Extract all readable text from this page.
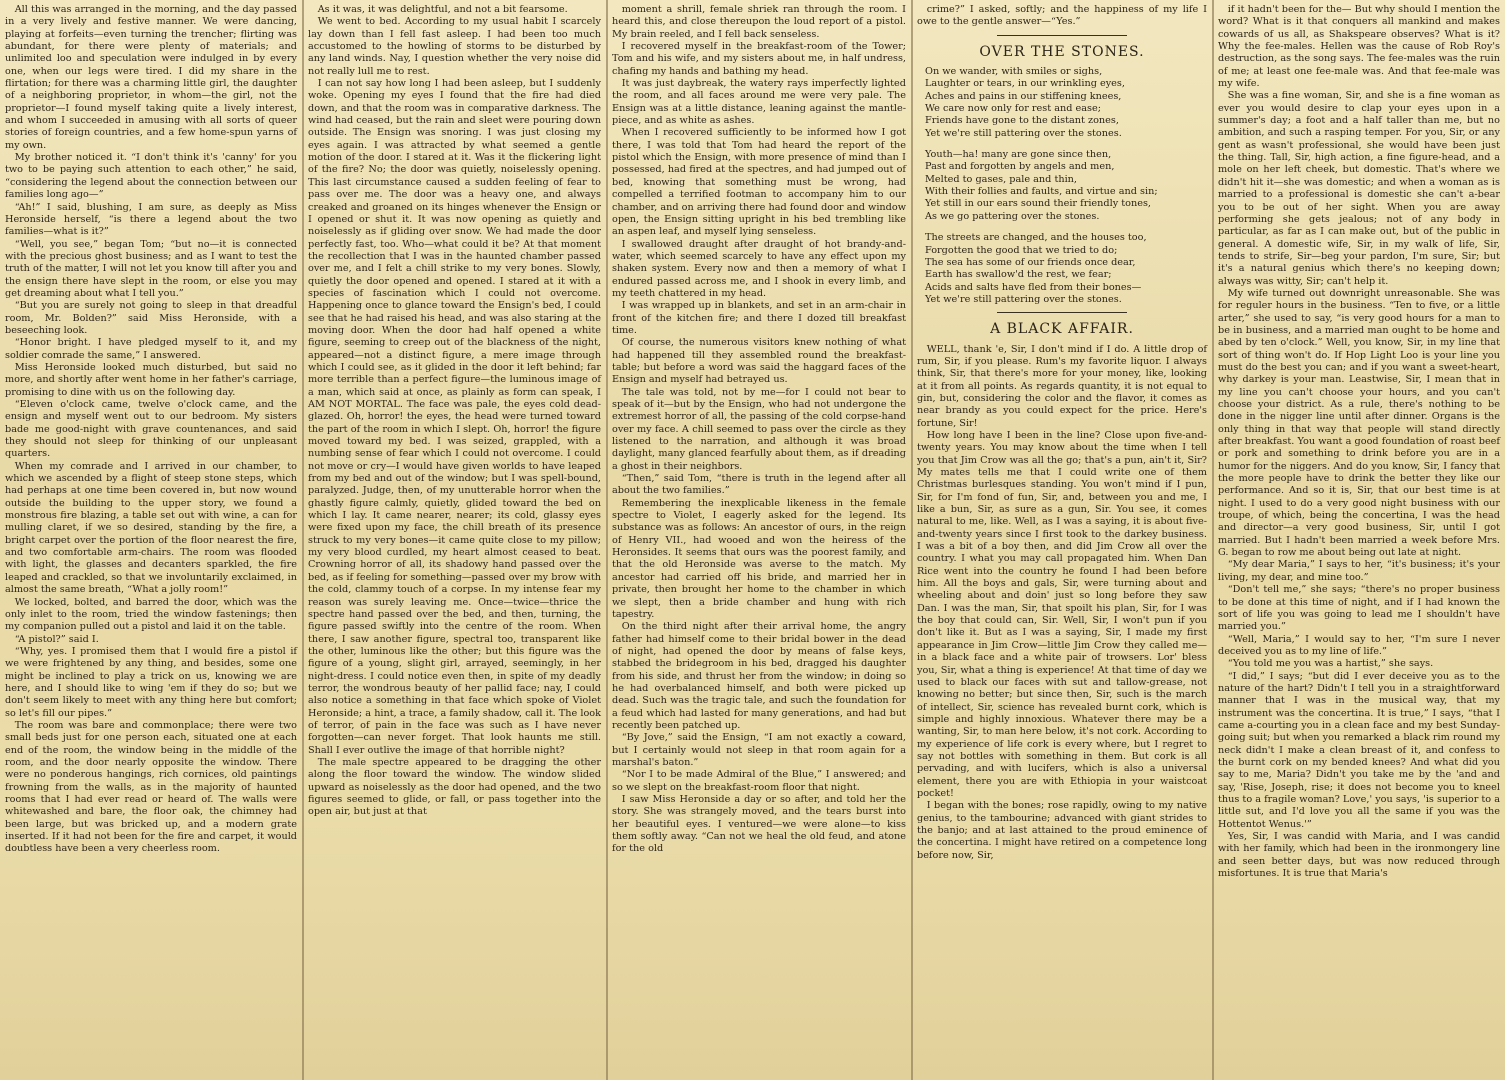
All this was arranged in the morning, and the day passed in a very lively and festive manner. We were dancing, playing at forfeits—even turning the trencher; flirting was abundant, for there were plenty of materials; and unlimited loo and speculation were indulged in by every one, when our legs were tired. I did my share in the flirtation; for there was a charming little girl, the daughter of a neighboring proprietor, in whom—the girl, not the proprietor—I found myself taking quite a lively interest, and whom I succeeded in amusing with all sorts of queer stories of foreign countries, and a few home-spun yarns of my own.

My brother noticed it. “I don't think it's 'canny' for you two to be paying such attention to each other,” he said, “considering the legend about the connection between our families long ago—”

“Ah!” I said, blushing, I am sure, as deeply as Miss Heronside herself, “is there a legend about the two families—what is it?”

“Well, you see,” began Tom; “but no—it is connected with the precious ghost business; and as I want to test the truth of the matter, I will not let you know till after you and the ensign there have slept in the room, or else you may get dreaming about what I tell you.”

“But you are surely not going to sleep in that dreadful room, Mr. Bolden?” said Miss Heronside, with a beseeching look.

“Honor bright. I have pledged myself to it, and my soldier comrade the same,” I answered.

Miss Heronside looked much disturbed, but said no more, and shortly after went home in her father's carriage, promising to dine with us on the following day.

“Eleven o'clock came, twelve o'clock came, and the ensign and myself went out to our bedroom. My sisters bade me good-night with grave countenances, and said they should not sleep for thinking of our unpleasant quarters.

When my comrade and I arrived in our chamber, to which we ascended by a flight of steep stone steps, which had perhaps at one time been covered in, but now wound outside the building to the upper story, we found a monstrous fire blazing, a table set out with wine, a can for mulling claret, if we so desired, standing by the fire, a bright carpet over the portion of the floor nearest the fire, and two comfortable arm-chairs. The room was flooded with light, the glasses and decanters sparkled, the fire leaped and crackled, so that we involuntarily exclaimed, in almost the same breath, “What a jolly room!”

We locked, bolted, and barred the door, which was the only inlet to the room, tried the window fastenings; then my companion pulled out a pistol and laid it on the table.

“A pistol?” said I.

“Why, yes. I promised them that I would fire a pistol if we were frightened by any thing, and besides, some one might be inclined to play a trick on us, knowing we are here, and I should like to wing 'em if they do so; but we don't seem likely to meet with any thing here but comfort; so let's fill our pipes.”

The room was bare and commonplace; there were two small beds just for one person each, situated one at each end of the room, the window being in the middle of the room, and the door nearly opposite the window. There were no ponderous hangings, rich cornices, old paintings frowning from the walls, as in the majority of haunted rooms that I had ever read or heard of. The walls were whitewashed and bare, the floor oak, the chimney had been large, but was bricked up, and a modern grate inserted. If it had not been for the fire and carpet, it would doubtless have been a very cheerless room.

As it was, it was delightful, and not a bit fearsome.

We went to bed. According to my usual habit I scarcely lay down than I fell fast asleep. I had been too much accustomed to the howling of storms to be disturbed by any land winds. Nay, I question whether the very noise did not really lull me to rest.

I can not say how long I had been asleep, but I suddenly woke. Opening my eyes I found that the fire had died down, and that the room was in comparative darkness. The wind had ceased, but the rain and sleet were pouring down outside. The Ensign was snoring. I was just closing my eyes again. I was attracted by what seemed a gentle motion of the door. I stared at it. Was it the flickering light of the fire? No; the door was quietly, noiselessly opening. This last circumstance caused a sudden feeling of fear to pass over me. The door was a heavy one, and always creaked and groaned on its hinges whenever the Ensign or I opened or shut it. It was now opening as quietly and noiselessly as if gliding over snow. We had made the door perfectly fast, too. Who—what could it be? At that moment the recollection that I was in the haunted chamber passed over me, and I felt a chill strike to my very bones. Slowly, quietly the door opened and opened. I stared at it with a species of fascination which I could not overcome. Happening once to glance toward the Ensign's bed, I could see that he had raised his head, and was also staring at the moving door. When the door had half opened a white figure, seeming to creep out of the blackness of the night, appeared—not a distinct figure, a mere image through which I could see, as it glided in the door it left behind; far more terrible than a perfect figure—the luminous image of a man, which said at once, as plainly as form can speak, I AM NOT MORTAL. The face was pale, the eyes cold dead-glazed. Oh, horror! the eyes, the head were turned toward the part of the room in which I slept. Oh, horror! the figure moved toward my bed. I was seized, grappled, with a numbing sense of fear which I could not overcome. I could not move or cry—I would have given worlds to have leaped from my bed and out of the window; but I was spell-bound, paralyzed. Judge, then, of my unutterable horror when the ghastly figure calmly, quietly, glided toward the bed on which I lay. It came nearer, nearer; its cold, glassy eyes were fixed upon my face, the chill breath of its presence struck to my very bones—it came quite close to my pillow; my very blood curdled, my heart almost ceased to beat. Crowning horror of all, its shadowy hand passed over the bed, as if feeling for something—passed over my brow with the cold, clammy touch of a corpse. In my intense fear my reason was surely leaving me. Once—twice—thrice the spectre hand passed over the bed, and then, turning, the figure passed swiftly into the centre of the room. When there, I saw another figure, spectral too, transparent like the other, luminous like the other; but this figure was the figure of a young, slight girl, arrayed, seemingly, in her night-dress. I could notice even then, in spite of my deadly terror, the wondrous beauty of her pallid face; nay, I could also notice a something in that face which spoke of Violet Heronside; a hint, a trace, a family shadow, call it. The look of terror, of pain in the face was such as I have never forgotten—can never forget. That look haunts me still. Shall I ever outlive the image of that horrible night?

The male spectre appeared to be dragging the other along the floor toward the window. The window slided upward as noiselessly as the door had opened, and the two figures seemed to glide, or fall, or pass together into the open air, but just at that

moment a shrill, female shriek ran through the room. I heard this, and close thereupon the loud report of a pistol. My brain reeled, and I fell back senseless.

I recovered myself in the breakfast-room of the Tower; Tom and his wife, and my sisters about me, in half undress, chafing my hands and bathing my head.

It was just daybreak, the watery rays imperfectly lighted the room, and all faces around me were very pale. The Ensign was at a little distance, leaning against the mantle-piece, and as white as ashes.

When I recovered sufficiently to be informed how I got there, I was told that Tom had heard the report of the pistol which the Ensign, with more presence of mind than I possessed, had fired at the spectres, and had jumped out of bed, knowing that something must be wrong, had compelled a terrified footman to accompany him to our chamber, and on arriving there had found door and window open, the Ensign sitting upright in his bed trembling like an aspen leaf, and myself lying senseless.

I swallowed draught after draught of hot brandy-and-water, which seemed scarcely to have any effect upon my shaken system. Every now and then a memory of what I endured passed across me, and I shook in every limb, and my teeth chattered in my head.

I was wrapped up in blankets, and set in an arm-chair in front of the kitchen fire; and there I dozed till breakfast time.

Of course, the numerous visitors knew nothing of what had happened till they assembled round the breakfast-table; but before a word was said the haggard faces of the Ensign and myself had betrayed us.

The tale was told, not by me—for I could not bear to speak of it—but by the Ensign, who had not undergone the extremest horror of all, the passing of the cold corpse-hand over my face. A chill seemed to pass over the circle as they listened to the narration, and although it was broad daylight, many glanced fearfully about them, as if dreading a ghost in their neighbors.

“Then,” said Tom, “there is truth in the legend after all about the two families.”

Remembering the inexplicable likeness in the female spectre to Violet, I eagerly asked for the legend. Its substance was as follows: An ancestor of ours, in the reign of Henry VII., had wooed and won the heiress of the Heronsides. It seems that ours was the poorest family, and that the old Heronside was averse to the match. My ancestor had carried off his bride, and married her in private, then brought her home to the chamber in which we slept, then a bride chamber and hung with rich tapestry.

On the third night after their arrival home, the angry father had himself come to their bridal bower in the dead of night, had opened the door by means of false keys, stabbed the bridegroom in his bed, dragged his daughter from his side, and thrust her from the window; in doing so he had overbalanced himself, and both were picked up dead. Such was the tragic tale, and such the foundation for a feud which had lasted for many generations, and had but recently been patched up.

“By Jove,” said the Ensign, “I am not exactly a coward, but I certainly would not sleep in that room again for a marshal's baton.”

“Nor I to be made Admiral of the Blue,” I answered; and so we slept on the breakfast-room floor that night.

I saw Miss Heronside a day or so after, and told her the story. She was strangely moved, and the tears burst into her beautiful eyes. I ventured—we were alone—to kiss them softly away. “Can not we heal the old feud, and atone for the old

crime?” I asked, softly; and the happiness of my life I owe to the gentle answer—“Yes.”

OVER THE STONES.

On we wander, with smiles or sighs,
Laughter or tears, in our wrinkling eyes,
Aches and pains in our stiffening knees,
We care now only for rest and ease;
Friends have gone to the distant zones,
Yet we're still pattering over the stones.
Youth—ha! many are gone since then,
Past and forgotten by angels and men,
Melted to gases, pale and thin,
With their follies and faults, and virtue and sin;
Yet still in our ears sound their friendly tones,
As we go pattering over the stones.
The streets are changed, and the houses too,
Forgotten the good that we tried to do;
The sea has some of our friends once dear,
Earth has swallow'd the rest, we fear;
Acids and salts have fled from their bones—
Yet we're still pattering over the stones.

A BLACK AFFAIR.

WELL, thank 'e, Sir, I don't mind if I do. A little drop of rum, Sir, if you please. Rum's my favorite liquor. I always think, Sir, that there's more for your money, like, looking at it from all points. As regards quantity, it is not equal to gin, but, considering the color and the flavor, it comes as near brandy as you could expect for the price. Here's fortune, Sir!

How long have I been in the line? Close upon five-and-twenty years. You may know about the time when I tell you that Jim Crow was all the go; that's a pun, ain't it, Sir? My mates tells me that I could write one of them Christmas burlesques standing. You won't mind if I pun, Sir, for I'm fond of fun, Sir, and, between you and me, I like a bun, Sir, as sure as a gun, Sir. You see, it comes natural to me, like. Well, as I was a saying, it is about five-and-twenty years since I first took to the darkey business. I was a bit of a boy then, and did Jim Crow all over the country. I what you may call propagated him. When Dan Rice went into the country he found I had been before him. All the boys and gals, Sir, were turning about and wheeling about and doin' just so long before they saw Dan. I was the man, Sir, that spoilt his plan, Sir, for I was the boy that could can, Sir. Well, Sir, I won't pun if you don't like it. But as I was a saying, Sir, I made my first appearance in Jim Crow—little Jim Crow they called me—in a black face and a white pair of trowsers. Lor' bless you, Sir, what a thing is experience! At that time of day we used to black our faces with sut and tallow-grease, not knowing no better; but since then, Sir, such is the march of intellect, Sir, science has revealed burnt cork, which is simple and highly innoxious. Whatever there may be a wanting, Sir, to man here below, it's not cork. According to my experience of life cork is every where, but I regret to say not bottles with something in them. But cork is all pervading, and with lucifers, which is also a universal element, there you are with Ethiopia in your waistcoat pocket!

I began with the bones; rose rapidly, owing to my native genius, to the tambourine; advanced with giant strides to the banjo; and at last attained to the proud eminence of the concertina. I might have retired on a competence long before now, Sir,

if it hadn't been for the— But why should I mention the word? What is it that conquers all mankind and makes cowards of us all, as Shakspeare observes? What is it? Why the fee-males. Hellen was the cause of Rob Roy's destruction, as the song says. The fee-males was the ruin of me; at least one fee-male was. And that fee-male was my wife.

She was a fine woman, Sir, and she is a fine woman as ever you would desire to clap your eyes upon in a summer's day; a foot and a half taller than me, but no ambition, and such a rasping temper. For you, Sir, or any gent as wasn't professional, she would have been just the thing. Tall, Sir, high action, a fine figure-head, and a mole on her left cheek, but domestic. That's where we didn't hit it—she was domestic; and when a woman as is married to a professional is domestic she can't a-bear you to be out of her sight. When you are away performing she gets jealous; not of any body in particular, as far as I can make out, but of the public in general. A domestic wife, Sir, in my walk of life, Sir, tends to strife, Sir—beg your pardon, I'm sure, Sir; but it's a natural genius which there's no keeping down; always was witty, Sir; can't help it.

My wife turned out downright unreasonable. She was for reguler hours in the business. “Ten to five, or a little arter,” she used to say, “is very good hours for a man to be in business, and a married man ought to be home and abed by ten o'clock.” Well, you know, Sir, in my line that sort of thing won't do. If Hop Light Loo is your line you must do the best you can; and if you want a sweet-heart, why darkey is your man. Leastwise, Sir, I mean that in my line you can't choose your hours, and you can't choose your district. As a rule, there's nothing to be done in the nigger line until after dinner. Organs is the only thing in that way that people will stand directly after breakfast. You want a good foundation of roast beef or pork and something to drink before you are in a humor for the niggers. And do you know, Sir, I fancy that the more people have to drink the better they like our performance. And so it is, Sir, that our best time is at night. I used to do a very good night business with our troupe, of which, being the concertina, I was the head and director—a very good business, Sir, until I got married. But I hadn't been married a week before Mrs. G. began to row me about being out late at night.

“My dear Maria,” I says to her, “it's business; it's your living, my dear, and mine too.”

“Don't tell me,” she says; “there's no proper business to be done at this time of night, and if I had known the sort of life you was going to lead me I shouldn't have married you.”

“Well, Maria,” I would say to her, “I'm sure I never deceived you as to my line of life.”

“You told me you was a hartist,” she says.

“I did,” I says; “but did I ever deceive you as to the nature of the hart? Didn't I tell you in a straightforward manner that I was in the musical way, that my instrument was the concertina. It is true,” I says, “that I came a-courting you in a clean face and my best Sunday-going suit; but when you remarked a black rim round my neck didn't I make a clean breast of it, and confess to the burnt cork on my bended knees? And what did you say to me, Maria? Didn't you take me by the 'and and say, 'Rise, Joseph, rise; it does not become you to kneel thus to a fragile woman? Love,' you says, 'is superior to a little sut, and I'd love you all the same if you was the Hottentot Wenus.'”

Yes, Sir, I was candid with Maria, and I was candid with her family, which had been in the ironmongery line and seen better days, but was now reduced through misfortunes. It is true that Maria's
